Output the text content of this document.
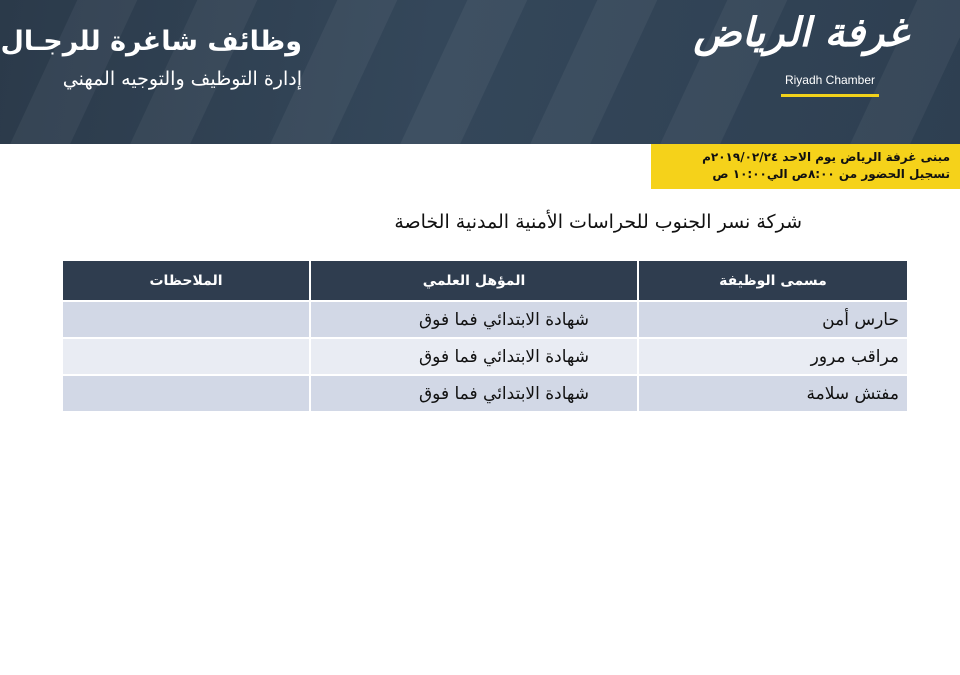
وظائف شاغرة للرجـال
إدارة التوظيف والتوجيه المهني
غرفة الرياض
Riyadh Chamber
مبنى غرفة الرياض يوم الاحد ٢٠١٩/٠٢/٢٤م
تسجيل الحضور من ٨:٠٠ص الي١٠:٠٠ ص
شركة نسر الجنوب للحراسات الأمنية المدنية الخاصة
مسمى الوظيفة	المؤهل العلمي	الملاحظات
حارس أمن	شهادة الابتدائي فما فوق	
مراقب مرور	شهادة الابتدائي فما فوق	
مفتش سلامة	شهادة الابتدائي فما فوق	
